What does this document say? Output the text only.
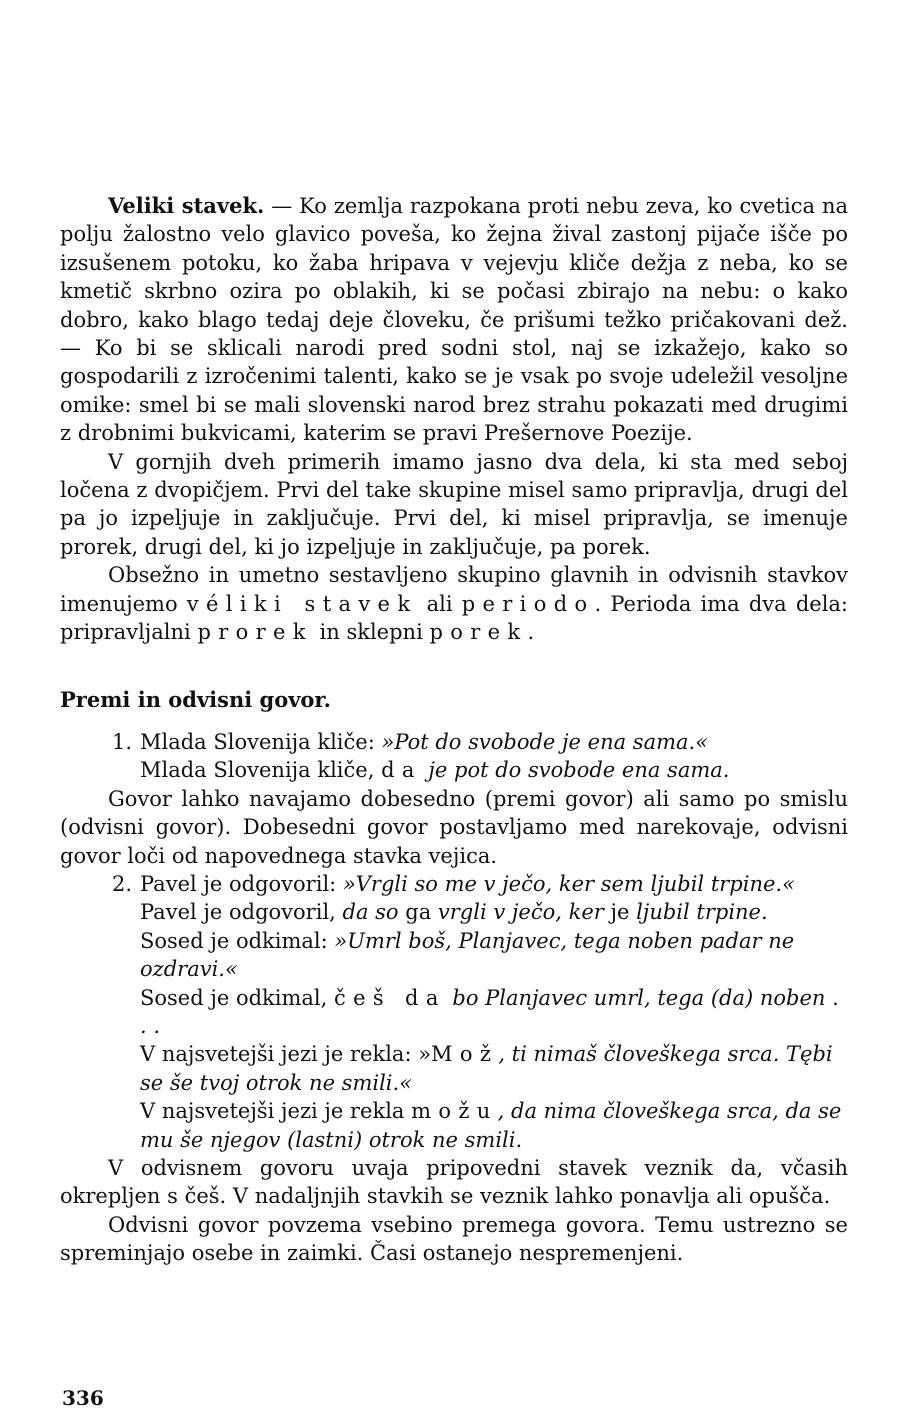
Veliki stavek. — Ko zemlja razpokana proti nebu zeva, ko cvetica na polju žalostno velo glavico poveša, ko žejna žival zastonj pijače išče po izsušenem potoku, ko žaba hripava v vejevju kliče dežja z neba, ko se kmetič skrbno ozira po oblakih, ki se počasi zbirajo na nebu: o kako dobro, kako blago tedaj deje človeku, če prišumi težko pričakovani dež. — Ko bi se sklicali narodi pred sodni stol, naj se izkažejo, kako so gospodarili z izročenimi talenti, kako se je vsak po svoje udeležil vesoljne omike: smel bi se mali slovenski narod brez strahu pokazati med drugimi z drobnimi bukvicami, katerim se pravi Prešernove Poezije.

V gornjih dveh primerih imamo jasno dva dela, ki sta med seboj ločena z dvopičjem. Prvi del take skupine misel samo pripravlja, drugi del pa jo izpeljuje in zaključuje. Prvi del, ki misel pripravlja, se imenuje prorek, drugi del, ki jo izpeljuje in zaključuje, pa porek.

Obsežno in umetno sestavljeno skupino glavnih in odvisnih stavkov imenujemo véliki stavek ali periodo. Perioda ima dva dela: pripravljalni prorek in sklepni porek.

Premi in odvisni govor.

1. Mlada Slovenija kliče: »Pot do svobode je ena sama.«

Mlada Slovenija kliče, da je pot do svobode ena sama.

Govor lahko navajamo dobesedno (premi govor) ali samo po smislu (odvisni govor). Dobesedni govor postavljamo med narekovaje, odvisni govor loči od napovednega stavka vejica.

2. Pavel je odgovoril: »Vrgli so me v ječo, ker sem ljubil trpine.«

Pavel je odgovoril, da so ga vrgli v ječo, ker je ljubil trpine.

Sosed je odkimal: »Umrl boš, Planjavec, tega noben padar ne ozdravi.«

Sosed je odkimal, češ da bo Planjavec umrl, tega (da) noben . . .

V najsvetejši jezi je rekla: »Mož, ti nimaš človeškega srca. Tębi se še tvoj otrok ne smili.«

V najsvetejši jezi je rekla možu, da nima človeškega srca, da se mu še njegov (lastni) otrok ne smili.

V odvisnem govoru uvaja pripovedni stavek veznik da, včasih okrepljen s češ. V nadaljnjih stavkih se veznik lahko ponavlja ali opušča.

Odvisni govor povzema vsebino premega govora. Temu ustrezno se spreminjajo osebe in zaimki. Časi ostanejo nespremenjeni.

336
